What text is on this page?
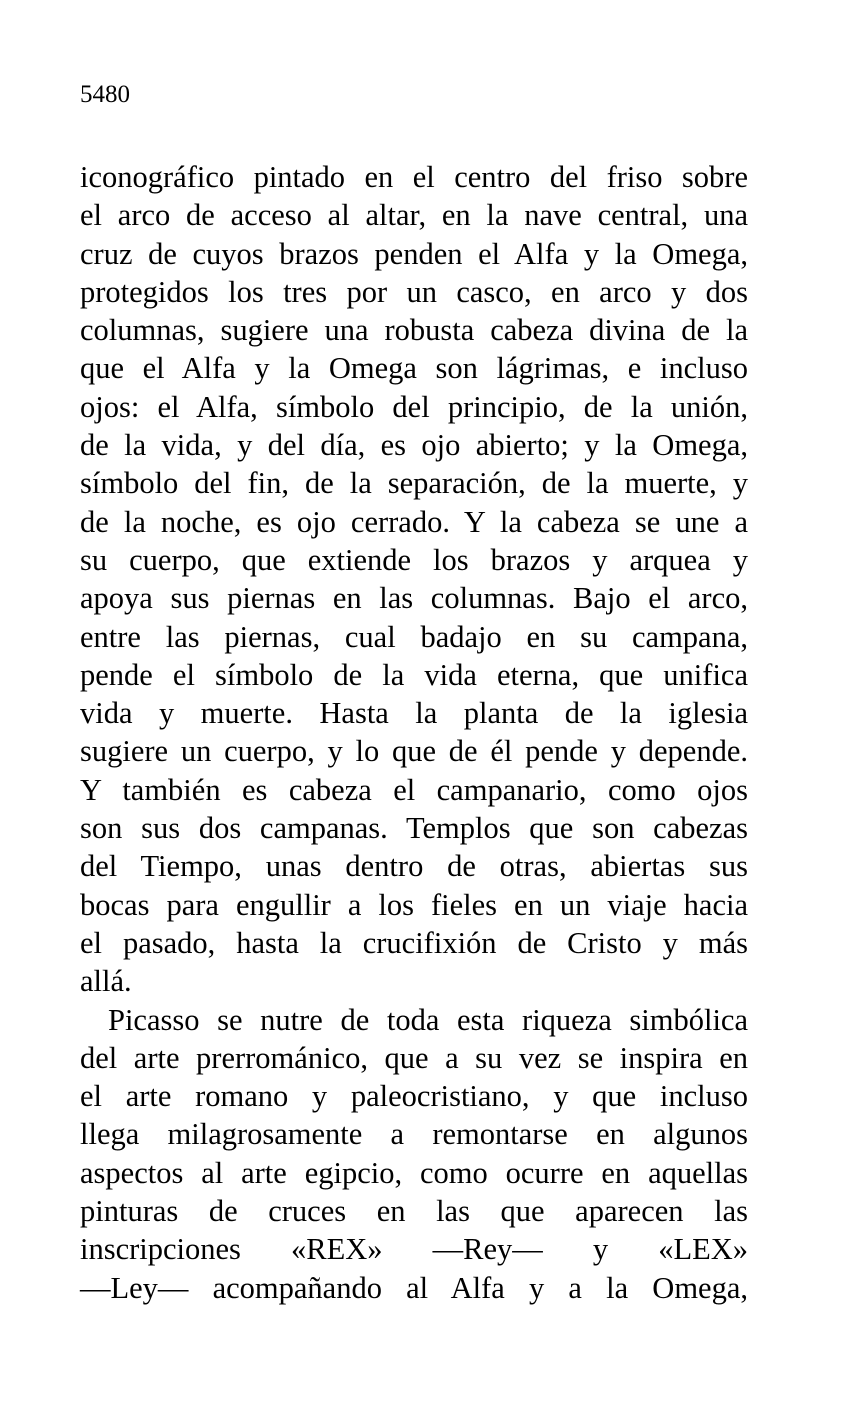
5480
iconográfico pintado en el centro del friso sobre
el arco de acceso al altar, en la nave central, una
cruz de cuyos brazos penden el Alfa y la Omega,
protegidos los tres por un casco, en arco y dos
columnas, sugiere una robusta cabeza divina de la
que el Alfa y la Omega son lágrimas, e incluso
ojos: el Alfa, símbolo del principio, de la unión,
de la vida, y del día, es ojo abierto; y la Omega,
símbolo del fin, de la separación, de la muerte, y
de la noche, es ojo cerrado. Y la cabeza se une a
su cuerpo, que extiende los brazos y arquea y
apoya sus piernas en las columnas. Bajo el arco,
entre las piernas, cual badajo en su campana,
pende el símbolo de la vida eterna, que unifica
vida y muerte. Hasta la planta de la iglesia
sugiere un cuerpo, y lo que de él pende y depende.
Y también es cabeza el campanario, como ojos
son sus dos campanas. Templos que son cabezas
del Tiempo, unas dentro de otras, abiertas sus
bocas para engullir a los fieles en un viaje hacia
el pasado, hasta la crucifixión de Cristo y más
allá.
Picasso se nutre de toda esta riqueza simbólica
del arte prerrománico, que a su vez se inspira en
el arte romano y paleocristiano, y que incluso
llega milagrosamente a remontarse en algunos
aspectos al arte egipcio, como ocurre en aquellas
pinturas de cruces en las que aparecen las
inscripciones «REX» —Rey— y «LEX»
—Ley— acompañando al Alfa y a la Omega,
